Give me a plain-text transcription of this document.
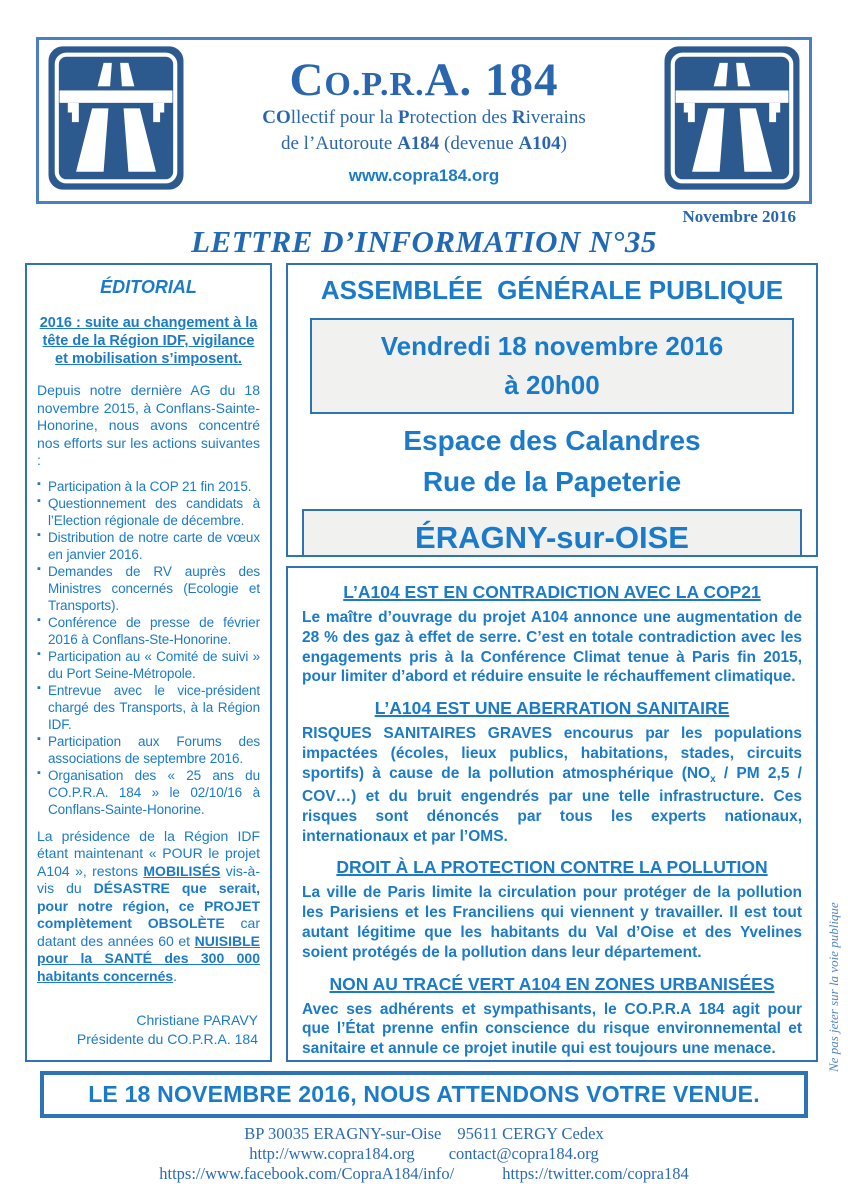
CO.P.R.A. 184
COllectif pour la Protection des Riverains
de l’Autoroute A184 (devenue A104)
www.copra184.org
Novembre 2016
LETTRE D’INFORMATION N°35
ÉDITORIAL
2016 : suite au changement à la tête de la Région IDF, vigilance et mobilisation s’imposent.

Depuis notre dernière AG du 18 novembre 2015, à Conflans-Sainte-Honorine, nous avons concentré nos efforts sur les actions suivantes :

▪ Participation à la COP 21 fin 2015.
▪ Questionnement des candidats à l’Election régionale de décembre.
▪ Distribution de notre carte de vœux en janvier 2016.
▪ Demandes de RV auprès des Ministres concernés (Ecologie et Transports).
▪ Conférence de presse de février 2016 à Conflans-Ste-Honorine.
▪ Participation au « Comité de suivi » du Port Seine-Métropole.
▪ Entrevue avec le vice-président chargé des Transports, à la Région IDF.
▪ Participation aux Forums des associations de septembre 2016.
▪ Organisation des « 25 ans du CO.P.R.A. 184 » le 02/10/16 à Conflans-Sainte-Honorine.

La présidence de la Région IDF étant maintenant « POUR le projet A104 », restons MOBILISÉS vis-à-vis du DÉSASTRE que serait, pour notre région, ce PROJET complètement OBSOLÈTE car datant des années 60 et NUISIBLE pour la SANTÉ des 300 000 habitants concernés.

Christiane PARAVY
Présidente du CO.P.R.A. 184
ASSEMBLÉE  GÉNÉRALE PUBLIQUE
Vendredi 18 novembre 2016
à 20h00
Espace des Calandres
Rue de la Papeterie
ÉRAGNY-sur-OISE
L’A104 EST EN CONTRADICTION AVEC LA COP21

Le maître d’ouvrage du projet A104 annonce une augmentation de 28 % des gaz à effet de serre. C’est en totale contradiction avec les engagements pris à la Conférence Climat tenue à Paris fin 2015, pour limiter d’abord et réduire ensuite le réchauffement climatique.

L’A104 EST UNE ABERRATION SANITAIRE

RISQUES SANITAIRES GRAVES encourus par les populations impactées (écoles, lieux publics, habitations, stades, circuits sportifs) à cause de la pollution atmosphérique ($NO_x$ / PM 2,5 / COV…) et du bruit engendrés par une telle infrastructure. Ces risques sont dénoncés par tous les experts nationaux, internationaux et par l’OMS.

DROIT À LA PROTECTION CONTRE LA POLLUTION

La ville de Paris limite la circulation pour protéger de la pollution les Parisiens et les Franciliens qui viennent y travailler. Il est tout autant légitime que les habitants du Val d’Oise et des Yvelines soient protégés de la pollution dans leur département.

NON AU TRACÉ VERT A104 EN ZONES URBANISÉES

Avec ses adhérents et sympathisants, le CO.P.R.A 184 agit pour que l’État prenne enfin conscience du risque environnemental et sanitaire et annule ce projet inutile qui est toujours une menace.

LE 18 NOVEMBRE 2016, NOUS ATTENDONS VOTRE VENUE.
BP 30035 ERAGNY-sur-Oise 95611 CERGY Cedex
http://www.copra184.org contact@copra184.org
https://www.facebook.com/CopraA184/info/	https://twitter.com/copra184
Ne pas jeter sur la voie publique
